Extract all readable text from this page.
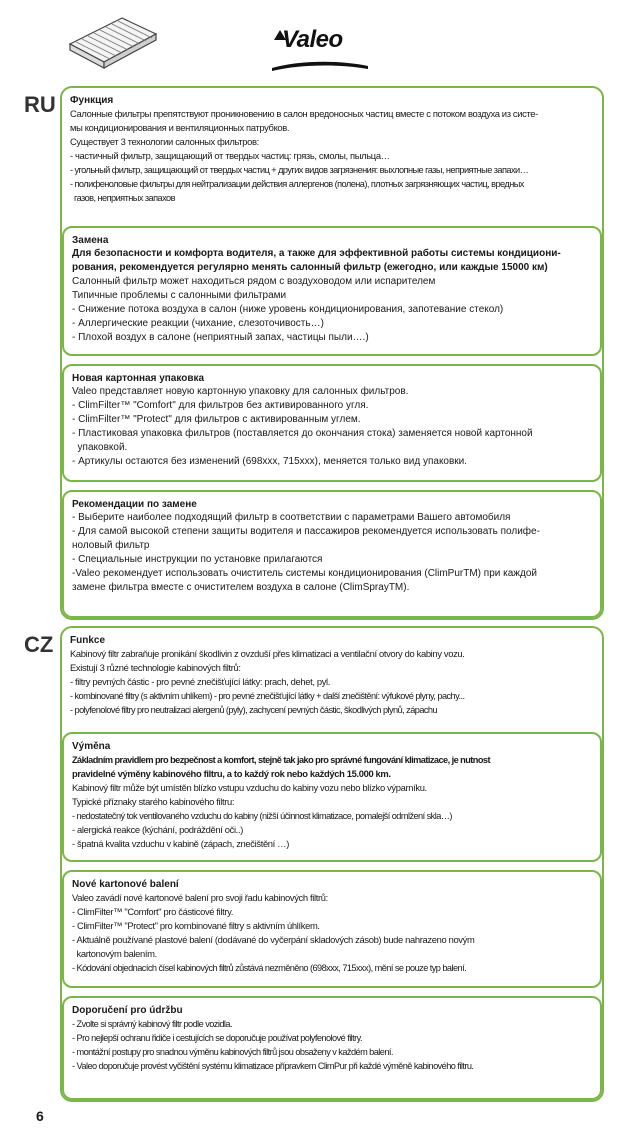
Valeo
RU Функция

Салонные фильтры препятствуют проникновению в салон вредоносных частиц вместе с потоком воздуха из систе-

мы кондиционирования и вентиляционных патрубков.

Существует 3 технологии салонных фильтров:

- частичный фильтр, защищающий от твердых частиц: грязь, смолы, пыльца…

- угольный фильтр, защищающий от твердых частиц + других видов загрязнения: выхлопные газы, неприятные запахи…

- полифеноловые фильтры для нейтрализации действия аллергенов (полена), плотных загрязняющих частиц, вредных

газов, неприятных запахов

Замена

Для безопасности и комфорта водителя, а также для эффективной работы системы кондициони-

рования, рекомендуется регулярно менять салонный фильтр (ежегодно, или каждые 15000 км)

Салонный фильтр может находиться рядом с воздуховодом или испарителем

Типичные проблемы с салонными фильтрами

- Снижение потока воздуха в салон (ниже уровень кондиционирования, запотевание стекол)

- Аллергические реакции (чихание, слезоточивость…)

- Плохой воздух в салоне (неприятный запах, частицы пыли….)

Новая картонная упаковка

Valeo представляет новую картонную упаковку для салонных фильтров.

- ClimFilter™ "Comfort" для фильтров без активированного угля.

- ClimFilter™ "Protect" для фильтров с активированным углем.

- Пластиковая упаковка фильтров (поставляется до окончания стока) заменяется новой картонной

упаковкой.

- Артикулы остаются без изменений (698xxx, 715xxx), меняется только вид упаковки.

Рекомендации по замене

- Выберите наиболее подходящий фильтр в соответствии с параметрами Вашего автомобиля

- Для самой высокой степени защиты водителя и пассажиров рекомендуется использовать полифе-

ноловый фильтр

- Специальные инструкции по установке прилагаются

-Valeo рекомендует использовать очиститель системы кондиционирования (ClimPurTM) при каждой

замене фильтра вместе с очистителем воздуха в салоне (ClimSprayTM).

CZ Funkce

Kabinový filtr zabraňuje pronikání škodlivin z ovzduší přes klimatizaci a ventilační otvory do kabiny vozu.

Existují 3 různé technologie kabinových filtrů:

- filtry pevných částic - pro pevné znečišťující látky: prach, dehet, pyl.

- kombinované filtry (s aktivním uhlíkem) - pro pevné znečišťující látky + další znečištění: výfukové plyny, pachy...

- polyfenolové filtry pro neutralizaci alergenů (pyly), zachycení pevných částic, škodlivých plynů, zápachu

Výměna

Základním pravidlem pro bezpečnost a komfort, stejně tak jako pro správné fungování klimatizace, je nutnost

pravidelné výměny kabinového filtru, a to každý rok nebo každých 15.000 km.

Kabinový filtr může být umístěn blízko vstupu vzduchu do kabiny vozu nebo blízko výparníku.

Typické příznaky starého kabinového filtru:

- nedostatečný tok ventilovaného vzduchu do kabiny (nižší účinnost klimatizace, pomalejší odmlžení skla…)

- alergická reakce (kýchání, podráždění oči..)

- špatná kvalita vzduchu v kabině (zápach, znečištění …)

Nové kartonové balení

Valeo zavádí nové kartonové balení pro svoji řadu kabinových filtrů:

- ClimFilter™ "Comfort" pro částicové filtry.

- ClimFilter™ "Protect" pro kombinované filtry s aktivním úhlíkem.

- Aktuálně používané plastové balení (dodávané do vyčerpání skladových zásob) bude nahrazeno novým

kartonovým balením.

- Kódování objednacích čísel kabinových filtrů zůstává nezměněno (698xxx, 715xxx), mění se pouze typ balení.

Doporučení pro údržbu

- Zvolte si správný kabinový filtr podle vozidla.

- Pro nejlepší ochranu řidiče i cestujících se doporučuje používat polyfenolové filtry.

- montážní postupy pro snadnou výměnu kabinových filtrů jsou obsaženy v každém balení.

- Valeo doporučuje provést vyčištění systému klimatizace přípravkem ClimPur při každé výměně kabinového filtru.

6
